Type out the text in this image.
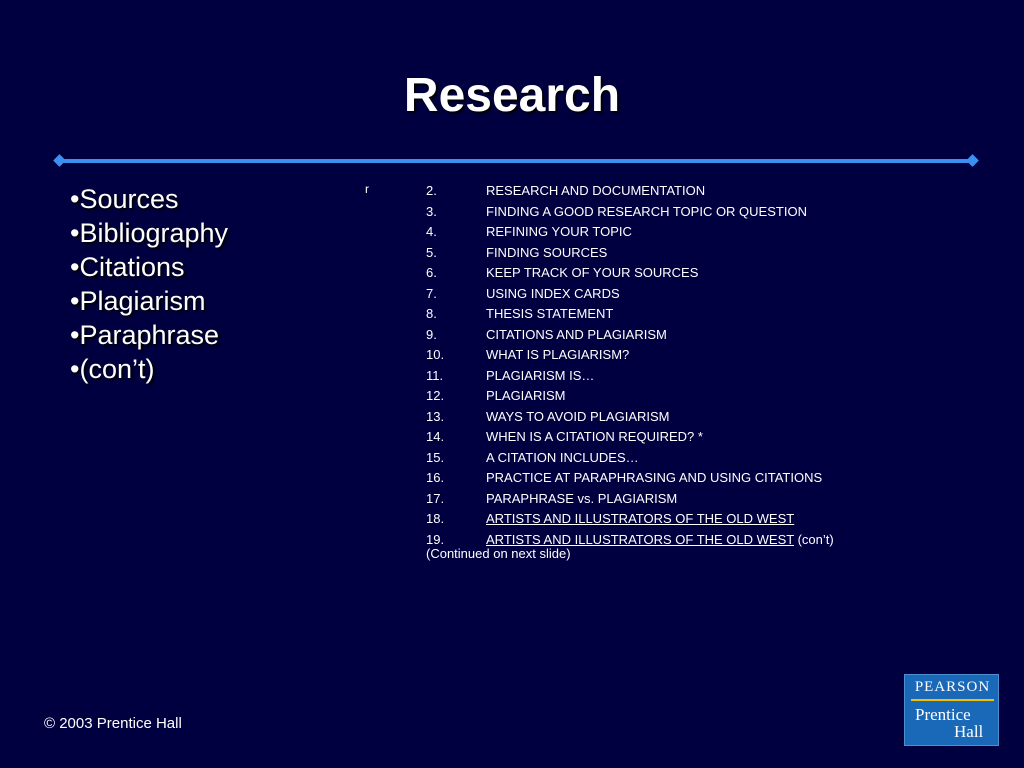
Research
•Sources
•Bibliography
•Citations
•Plagiarism
•Paraphrase
•(con’t)
r	2.	RESEARCH AND DOCUMENTATION
3.	FINDING A GOOD RESEARCH TOPIC OR QUESTION
4.	REFINING YOUR TOPIC
5.	FINDING SOURCES
6.	KEEP TRACK OF YOUR SOURCES
7.	USING INDEX CARDS
8.	THESIS STATEMENT
9.	CITATIONS AND PLAGIARISM
10.	WHAT IS PLAGIARISM?
11.	PLAGIARISM IS…
12.	PLAGIARISM
13.	WAYS TO AVOID PLAGIARISM
14.	WHEN IS A CITATION REQUIRED? *
15.	A CITATION INCLUDES…
16.	PRACTICE AT PARAPHRASING AND USING CITATIONS
17.	PARAPHRASE vs. PLAGIARISM
18.	ARTISTS AND ILLUSTRATORS OF THE OLD WEST
19.	ARTISTS AND ILLUSTRATORS OF THE OLD WEST (con’t)
(Continued on next slide)
© 2003 Prentice Hall
PEARSON
Prentice
Hall
